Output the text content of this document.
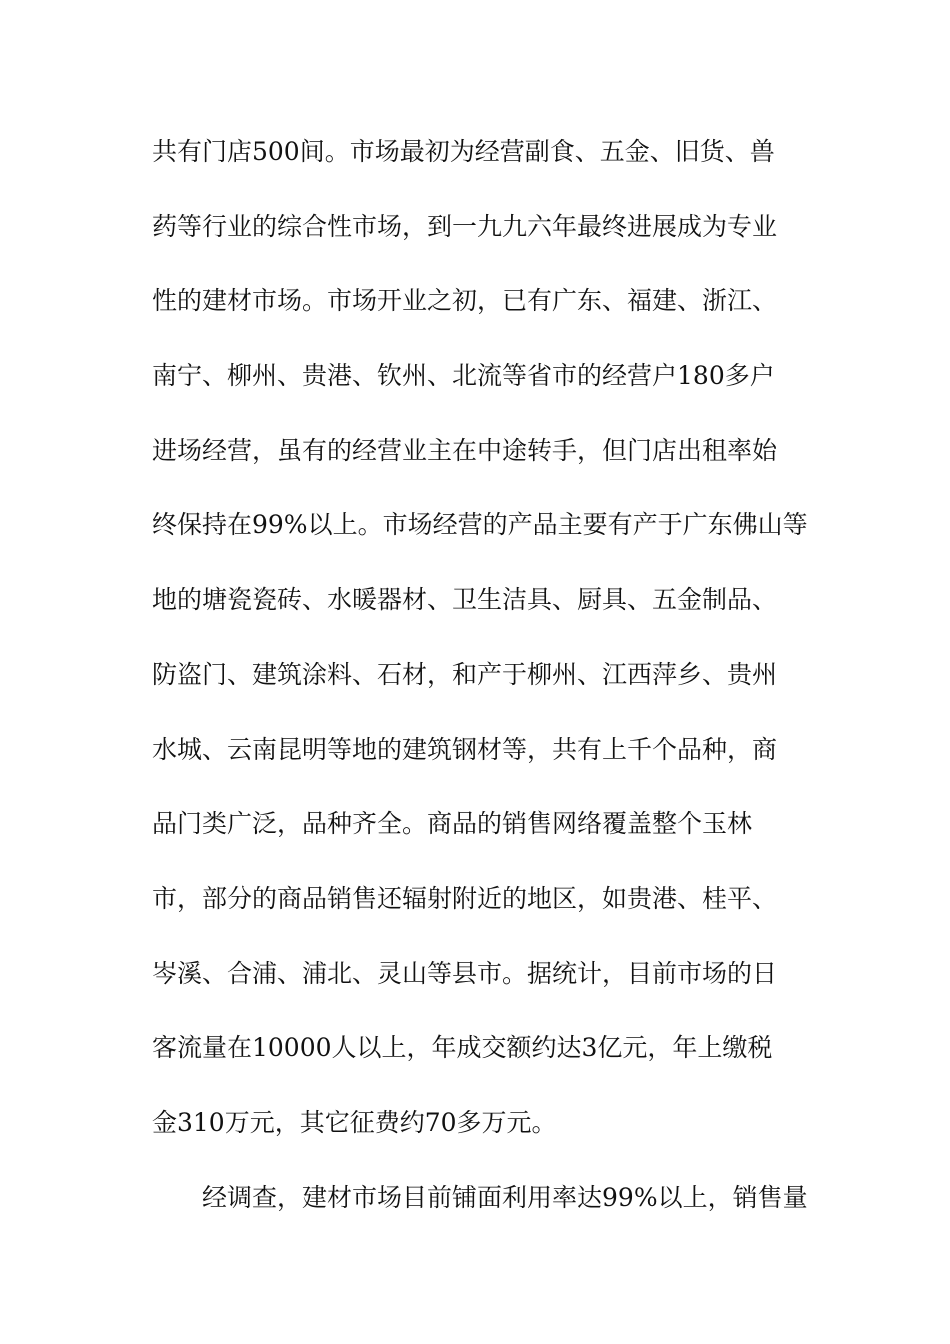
共有门店500间。市场最初为经营副食、五金、旧货、兽
药等行业的综合性市场，到一九九六年最终进展成为专业
性的建材市场。市场开业之初，已有广东、福建、浙江、
南宁、柳州、贵港、钦州、北流等省市的经营户180多户
进场经营，虽有的经营业主在中途转手，但门店出租率始
终保持在99%以上。市场经营的产品主要有产于广东佛山等
地的塘瓷瓷砖、水暖器材、卫生洁具、厨具、五金制品、
防盗门、建筑涂料、石材，和产于柳州、江西萍乡、贵州
水城、云南昆明等地的建筑钢材等，共有上千个品种，商
品门类广泛，品种齐全。商品的销售网络覆盖整个玉林
市，部分的商品销售还辐射附近的地区，如贵港、桂平、
岑溪、合浦、浦北、灵山等县市。据统计，目前市场的日
客流量在10000人以上，年成交额约达3亿元，年上缴税
金310万元，其它征费约70多万元。
经调查，建材市场目前铺面利用率达99%以上，销售量
